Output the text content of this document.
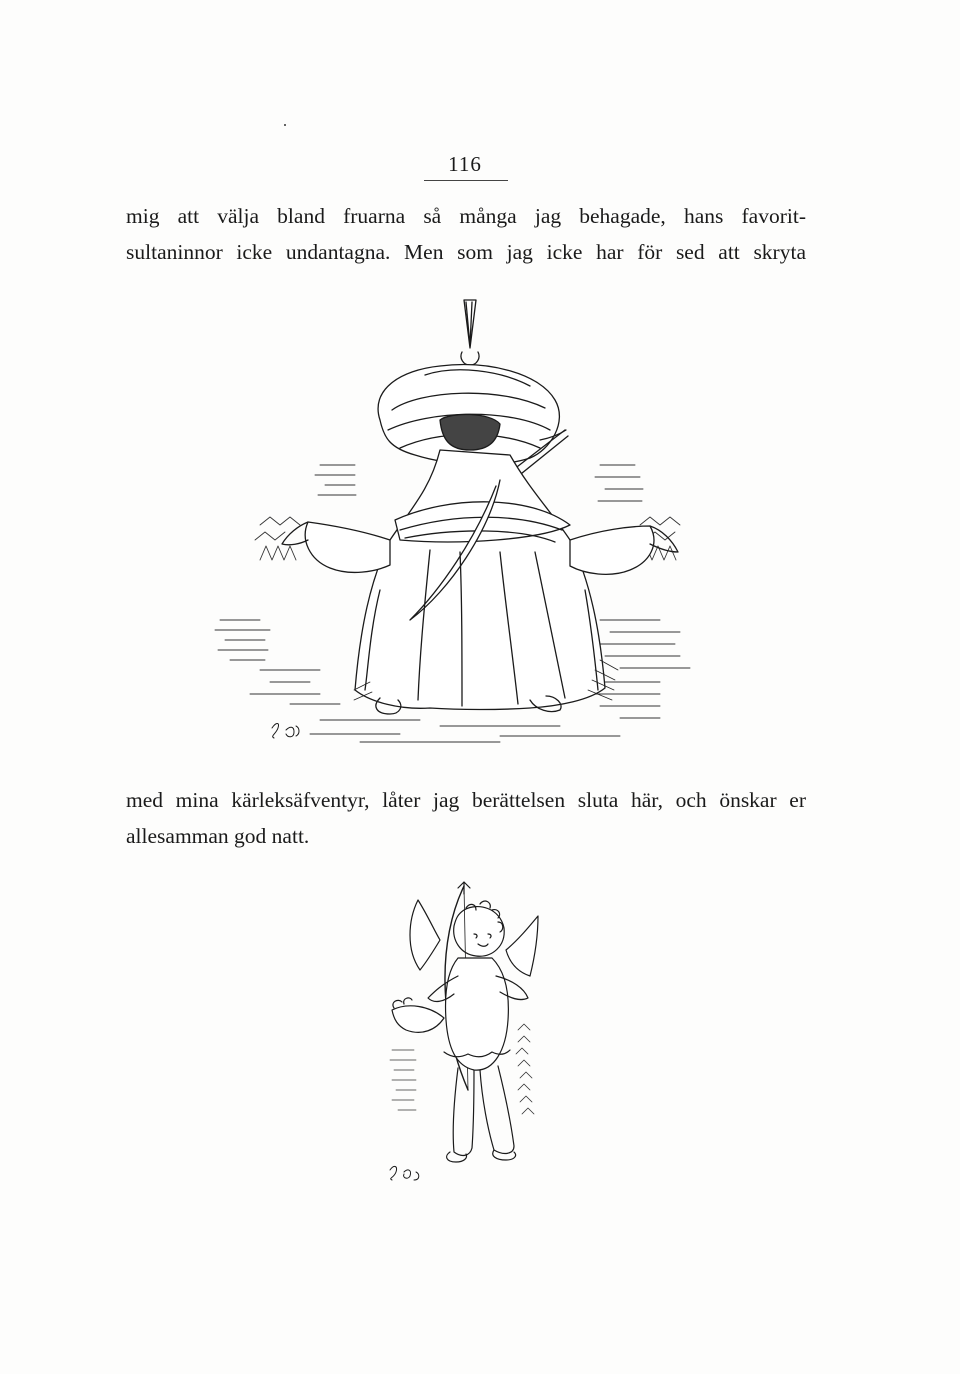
116
mig att välja bland fruarna så många jag behagade, hans favorit-
sultaninnor icke undantagna. Men som jag icke har för sed att skryta
med mina kärleksäfventyr, låter jag berättelsen sluta här, och önskar er
allesamman god natt.
